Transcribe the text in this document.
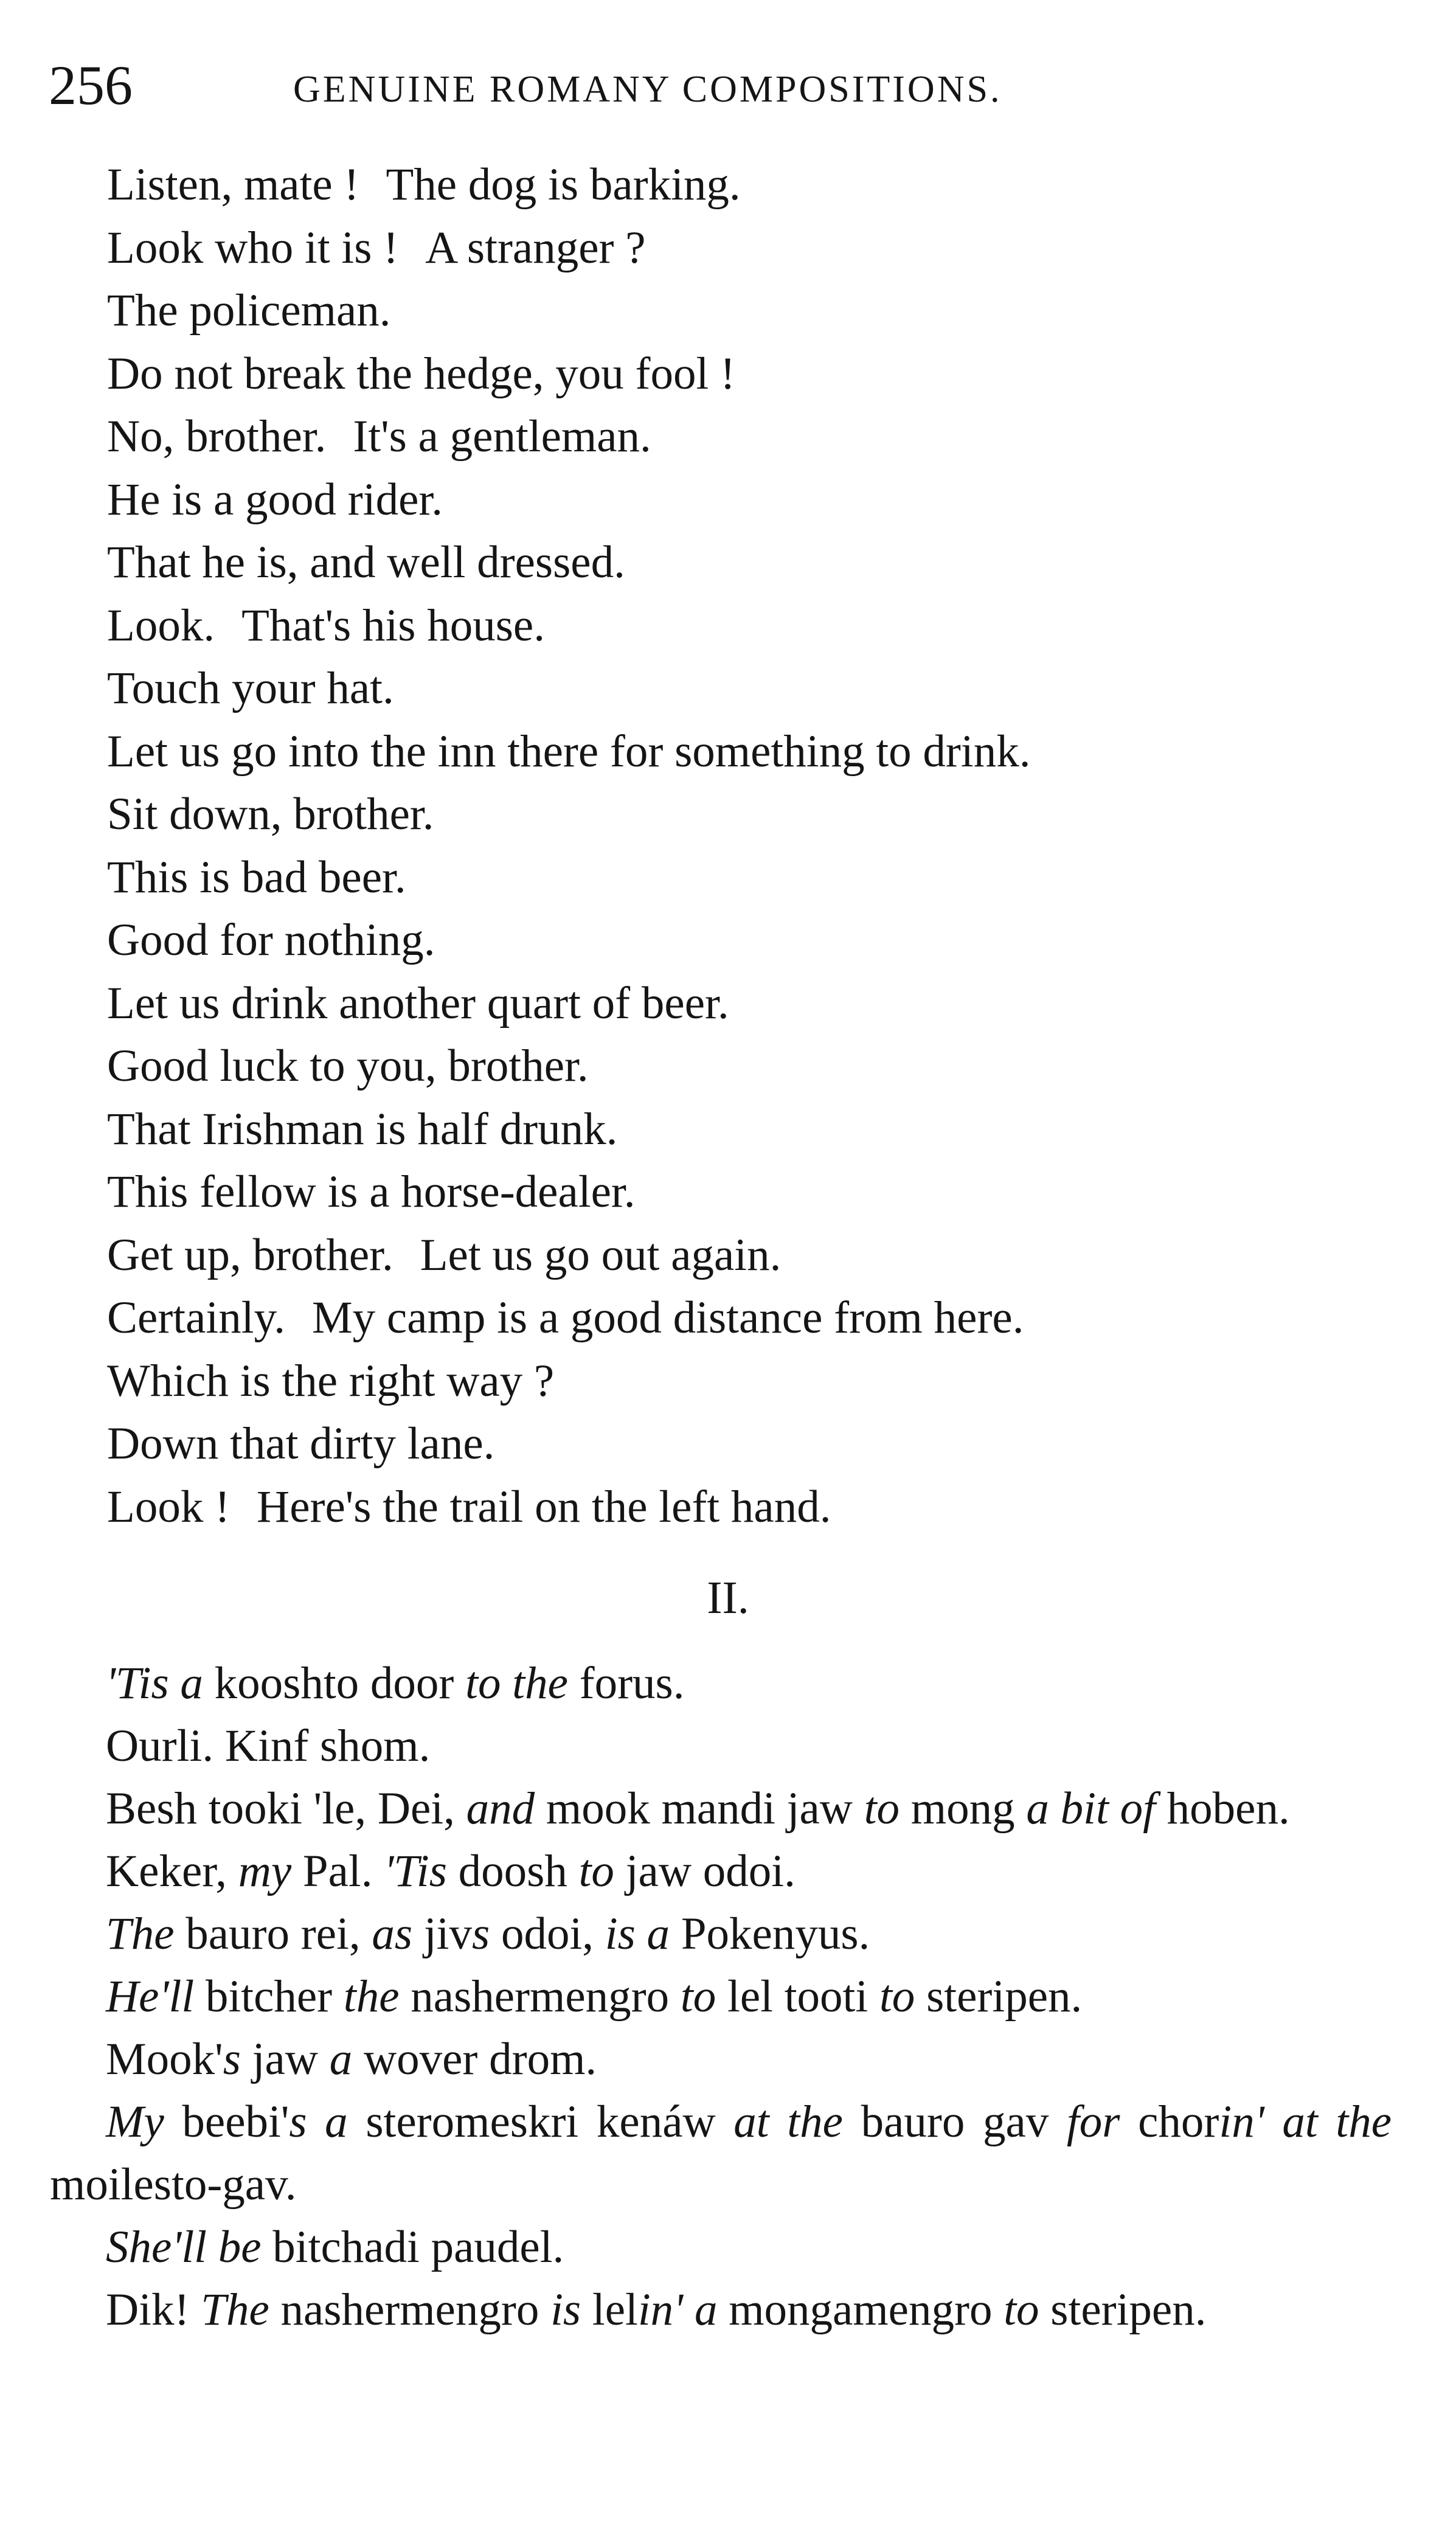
256	GENUINE ROMANY COMPOSITIONS.
Listen, mate ! The dog is barking.
Look who it is ! A stranger ?
The policeman.
Do not break the hedge, you fool !
No, brother. It's a gentleman.
He is a good rider.
That he is, and well dressed.
Look. That's his house.
Touch your hat.
Let us go into the inn there for something to drink.
Sit down, brother.
This is bad beer.
Good for nothing.
Let us drink another quart of beer.
Good luck to you, brother.
That Irishman is half drunk.
This fellow is a horse-dealer.
Get up, brother. Let us go out again.
Certainly. My camp is a good distance from here.
Which is the right way ?
Down that dirty lane.
Look ! Here's the trail on the left hand.
II.

'Tis a kooshto door to the forus.

Ourli. Kinf shom.

Besh tooki 'le, Dei, and mook mandi jaw to mong a bit of hoben.

Keker, my Pal. 'Tis doosh to jaw odoi.

The bauro rei, as jivs odoi, is a Pokenyus.

He'll bitcher the nashermengro to lel tooti to steripen.

Mook's jaw a wover drom.

My beebi's a steromeskri kenáw at the bauro gav for chorin' at the moilesto-gav.

She'll be bitchadi paudel.

Dik! The nashermengro is lelin' a mongamengro to steripen.
